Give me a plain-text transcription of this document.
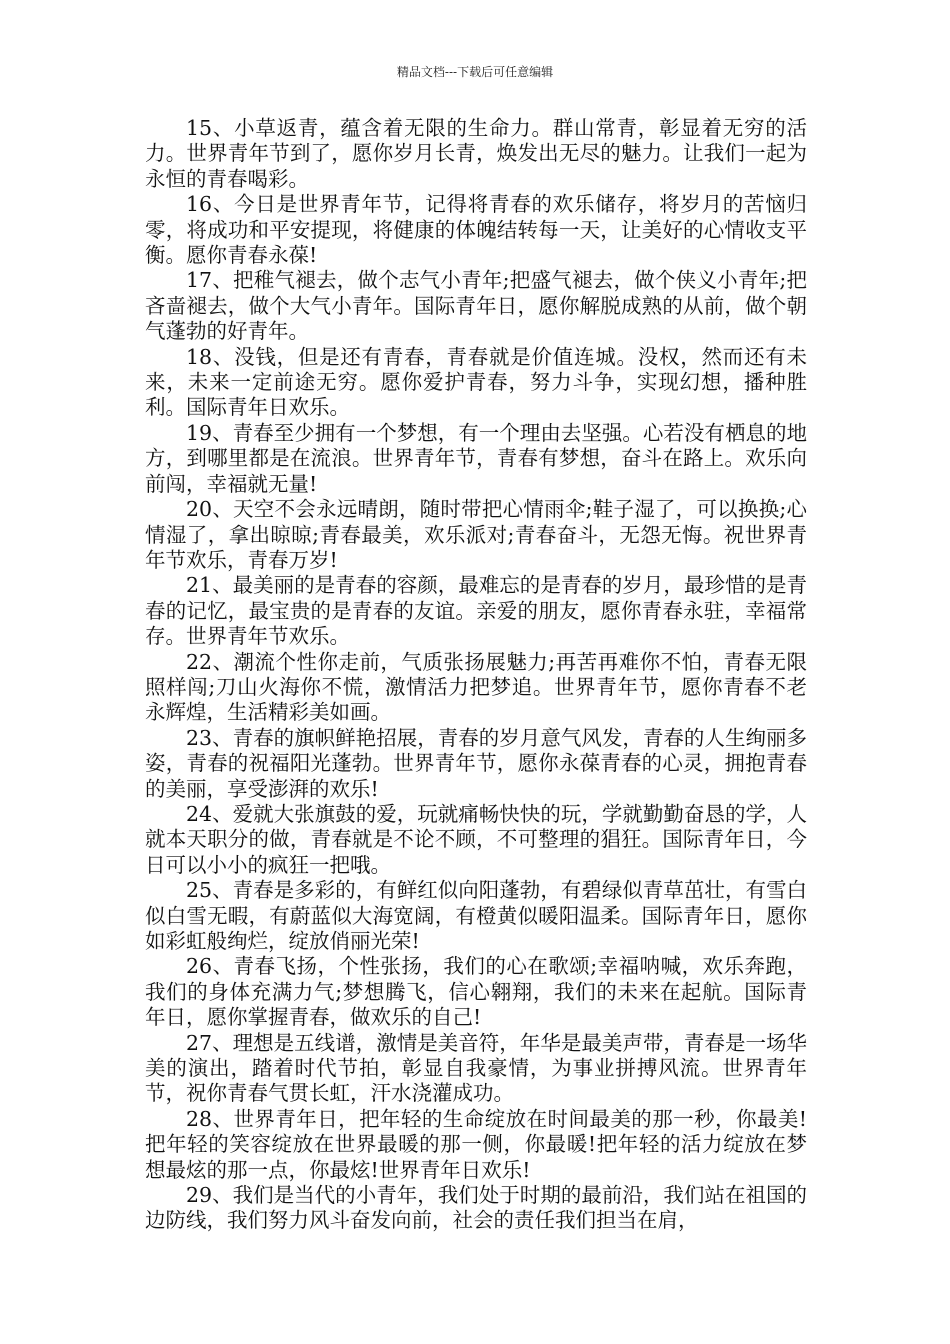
精品文档---下载后可任意编辑

15、小草返青，蕴含着无限的生命力。群山常青，彰显着无穷的活力。世界青年节到了，愿你岁月长青，焕发出无尽的魅力。让我们一起为永恒的青春喝彩。

16、今日是世界青年节，记得将青春的欢乐储存，将岁月的苦恼归零，将成功和平安提现，将健康的体魄结转每一天，让美好的心情收支平衡。愿你青春永葆!

17、把稚气褪去，做个志气小青年;把盛气褪去，做个侠义小青年;把吝啬褪去，做个大气小青年。国际青年日，愿你解脱成熟的从前，做个朝气蓬勃的好青年。

18、没钱，但是还有青春，青春就是价值连城。没权，然而还有未来，未来一定前途无穷。愿你爱护青春，努力斗争，实现幻想，播种胜利。国际青年日欢乐。

19、青春至少拥有一个梦想，有一个理由去坚强。心若没有栖息的地方，到哪里都是在流浪。世界青年节，青春有梦想，奋斗在路上。欢乐向前闯，幸福就无量!

20、天空不会永远晴朗，随时带把心情雨伞;鞋子湿了，可以换换;心情湿了，拿出晾晾;青春最美，欢乐派对;青春奋斗，无怨无悔。祝世界青年节欢乐，青春万岁!

21、最美丽的是青春的容颜，最难忘的是青春的岁月，最珍惜的是青春的记忆，最宝贵的是青春的友谊。亲爱的朋友，愿你青春永驻，幸福常存。世界青年节欢乐。

22、潮流个性你走前，气质张扬展魅力;再苦再难你不怕，青春无限照样闯;刀山火海你不慌，激情活力把梦追。世界青年节，愿你青春不老永辉煌，生活精彩美如画。

23、青春的旗帜鲜艳招展，青春的岁月意气风发，青春的人生绚丽多姿，青春的祝福阳光蓬勃。世界青年节，愿你永葆青春的心灵，拥抱青春的美丽，享受澎湃的欢乐!

24、爱就大张旗鼓的爱，玩就痛畅快快的玩，学就勤勤奋恳的学，人就本天职分的做，青春就是不论不顾，不可整理的猖狂。国际青年日，今日可以小小的疯狂一把哦。

25、青春是多彩的，有鲜红似向阳蓬勃，有碧绿似青草茁壮，有雪白似白雪无暇，有蔚蓝似大海宽阔，有橙黄似暖阳温柔。国际青年日，愿你如彩虹般绚烂，绽放俏丽光荣!

26、青春飞扬，个性张扬，我们的心在歌颂;幸福呐喊，欢乐奔跑，我们的身体充满力气;梦想腾飞，信心翱翔，我们的未来在起航。国际青年日，愿你掌握青春，做欢乐的自己!

27、理想是五线谱，激情是美音符，年华是最美声带，青春是一场华美的演出，踏着时代节拍，彰显自我豪情，为事业拼搏风流。世界青年节，祝你青春气贯长虹，汗水浇灌成功。

28、世界青年日，把年轻的生命绽放在时间最美的那一秒，你最美!把年轻的笑容绽放在世界最暖的那一侧，你最暖!把年轻的活力绽放在梦想最炫的那一点，你最炫!世界青年日欢乐!

29、我们是当代的小青年，我们处于时期的最前沿，我们站在祖国的边防线，我们努力风斗奋发向前，社会的责任我们担当在肩，
